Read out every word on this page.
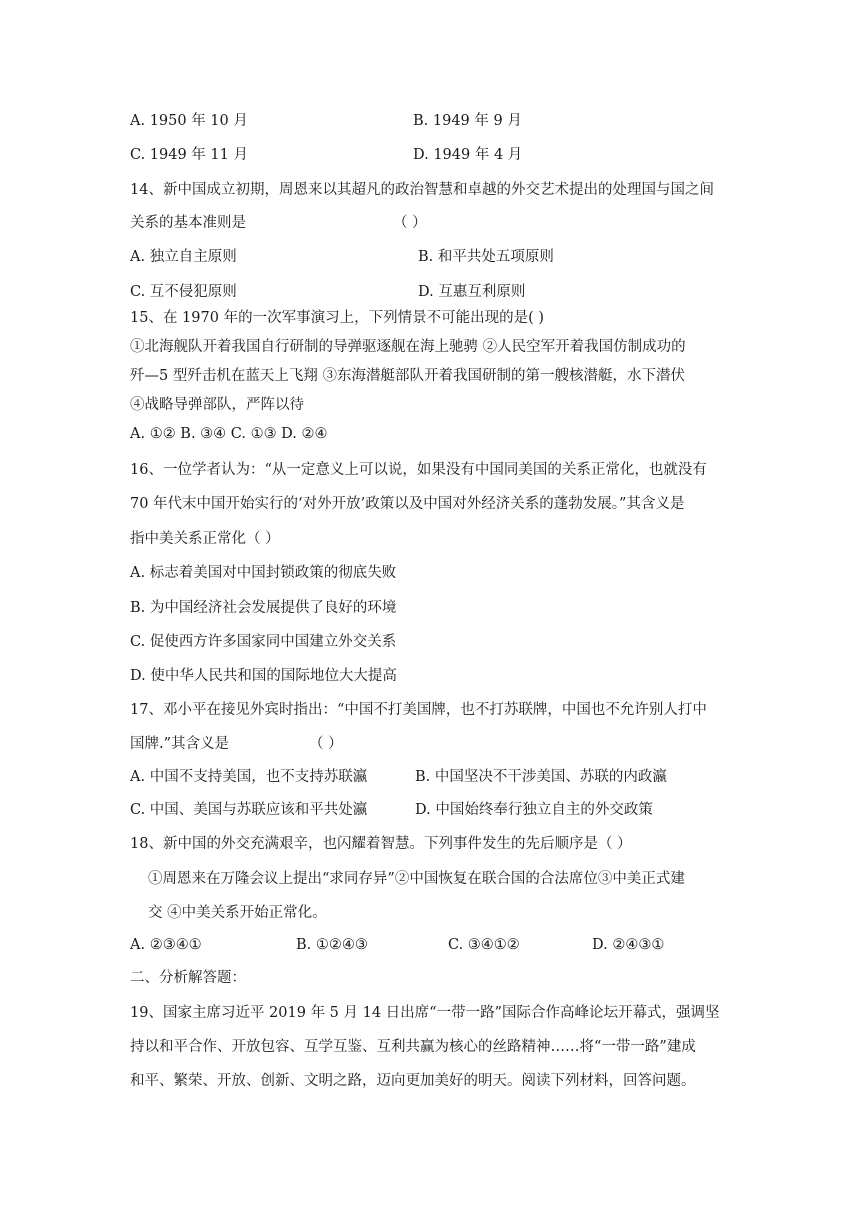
A. 1950 年 10 月	B. 1949 年 9 月
C. 1949 年 11 月	D. 1949 年 4 月
14、新中国成立初期，周恩来以其超凡的政治智慧和卓越的外交艺术提出的处理国与国之间
关系的基本准则是	（ ）
A. 独立自主原则	B. 和平共处五项原则
C. 互不侵犯原则	D. 互惠互利原则
15、在 1970 年的一次军事演习上，下列情景不可能出现的是( )
①北海舰队开着我国自行研制的导弹驱逐舰在海上驰骋 ②人民空军开着我国仿制成功的
歼—5 型歼击机在蓝天上飞翔 ③东海潜艇部队开着我国研制的第一艘核潜艇，水下潜伏
④战略导弹部队，严阵以待
A. ①② B. ③④ C. ①③ D. ②④
16、一位学者认为：“从一定意义上可以说，如果没有中国同美国的关系正常化，也就没有
70 年代末中国开始实行的‘对外开放’政策以及中国对外经济关系的蓬勃发展。”其含义是
指中美关系正常化（ ）
A. 标志着美国对中国封锁政策的彻底失败
B. 为中国经济社会发展提供了良好的环境
C. 促使西方许多国家同中国建立外交关系
D. 使中华人民共和国的国际地位大大提高
17、邓小平在接见外宾时指出：“中国不打美国牌，也不打苏联牌，中国也不允许别人打中
国牌.”其含义是	（ ）
A. 中国不支持美国，也不支持苏联瀛	B. 中国坚决不干涉美国、苏联的内政瀛
C. 中国、美国与苏联应该和平共处瀛	D. 中国始终奉行独立自主的外交政策
18、新中国的外交充满艰辛，也闪耀着智慧。下列事件发生的先后顺序是（ ）
①周恩来在万隆会议上提出“求同存异”②中国恢复在联合国的合法席位③中美正式建
交 ④中美关系开始正常化。
A. ②③④①	B. ①②④③	C. ③④①②	D. ②④③①
二、分析解答题：
19、国家主席习近平 2019 年 5 月 14 日出席“一带一路”国际合作高峰论坛开幕式，强调坚
持以和平合作、开放包容、互学互鉴、互利共赢为核心的丝路精神……将“一带一路”建成
和平、繁荣、开放、创新、文明之路，迈向更加美好的明天。阅读下列材料，回答问题。
